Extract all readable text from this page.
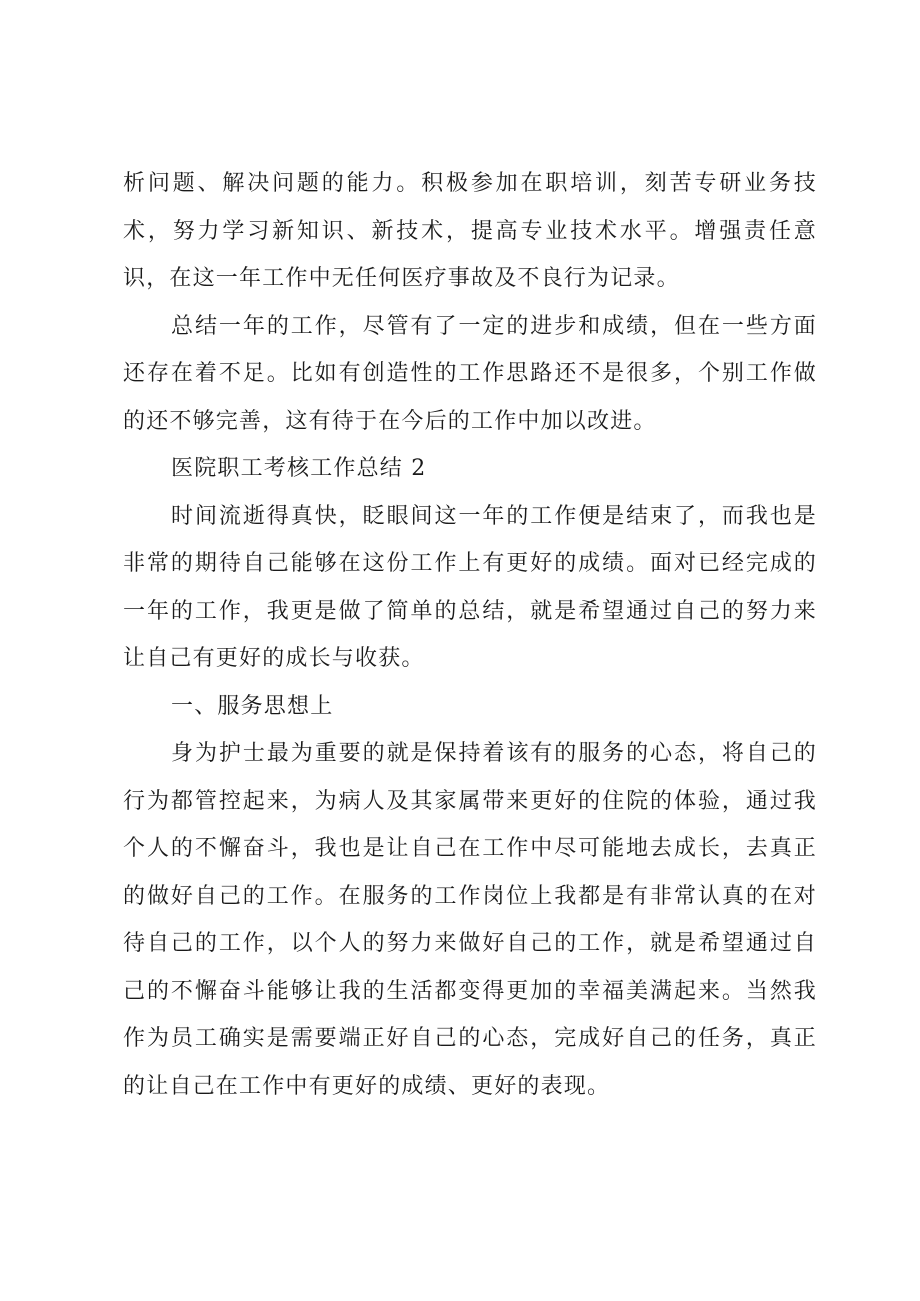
析问题、解决问题的能力。积极参加在职培训，刻苦专研业务技术，努力学习新知识、新技术，提高专业技术水平。增强责任意识，在这一年工作中无任何医疗事故及不良行为记录。

总结一年的工作，尽管有了一定的进步和成绩，但在一些方面还存在着不足。比如有创造性的工作思路还不是很多，个别工作做的还不够完善，这有待于在今后的工作中加以改进。

医院职工考核工作总结 2

时间流逝得真快，眨眼间这一年的工作便是结束了，而我也是非常的期待自己能够在这份工作上有更好的成绩。面对已经完成的一年的工作，我更是做了简单的总结，就是希望通过自己的努力来让自己有更好的成长与收获。

一、服务思想上

身为护士最为重要的就是保持着该有的服务的心态，将自己的行为都管控起来，为病人及其家属带来更好的住院的体验，通过我个人的不懈奋斗，我也是让自己在工作中尽可能地去成长，去真正的做好自己的工作。在服务的工作岗位上我都是有非常认真的在对待自己的工作，以个人的努力来做好自己的工作，就是希望通过自己的不懈奋斗能够让我的生活都变得更加的幸福美满起来。当然我作为员工确实是需要端正好自己的心态，完成好自己的任务，真正的让自己在工作中有更好的成绩、更好的表现。
